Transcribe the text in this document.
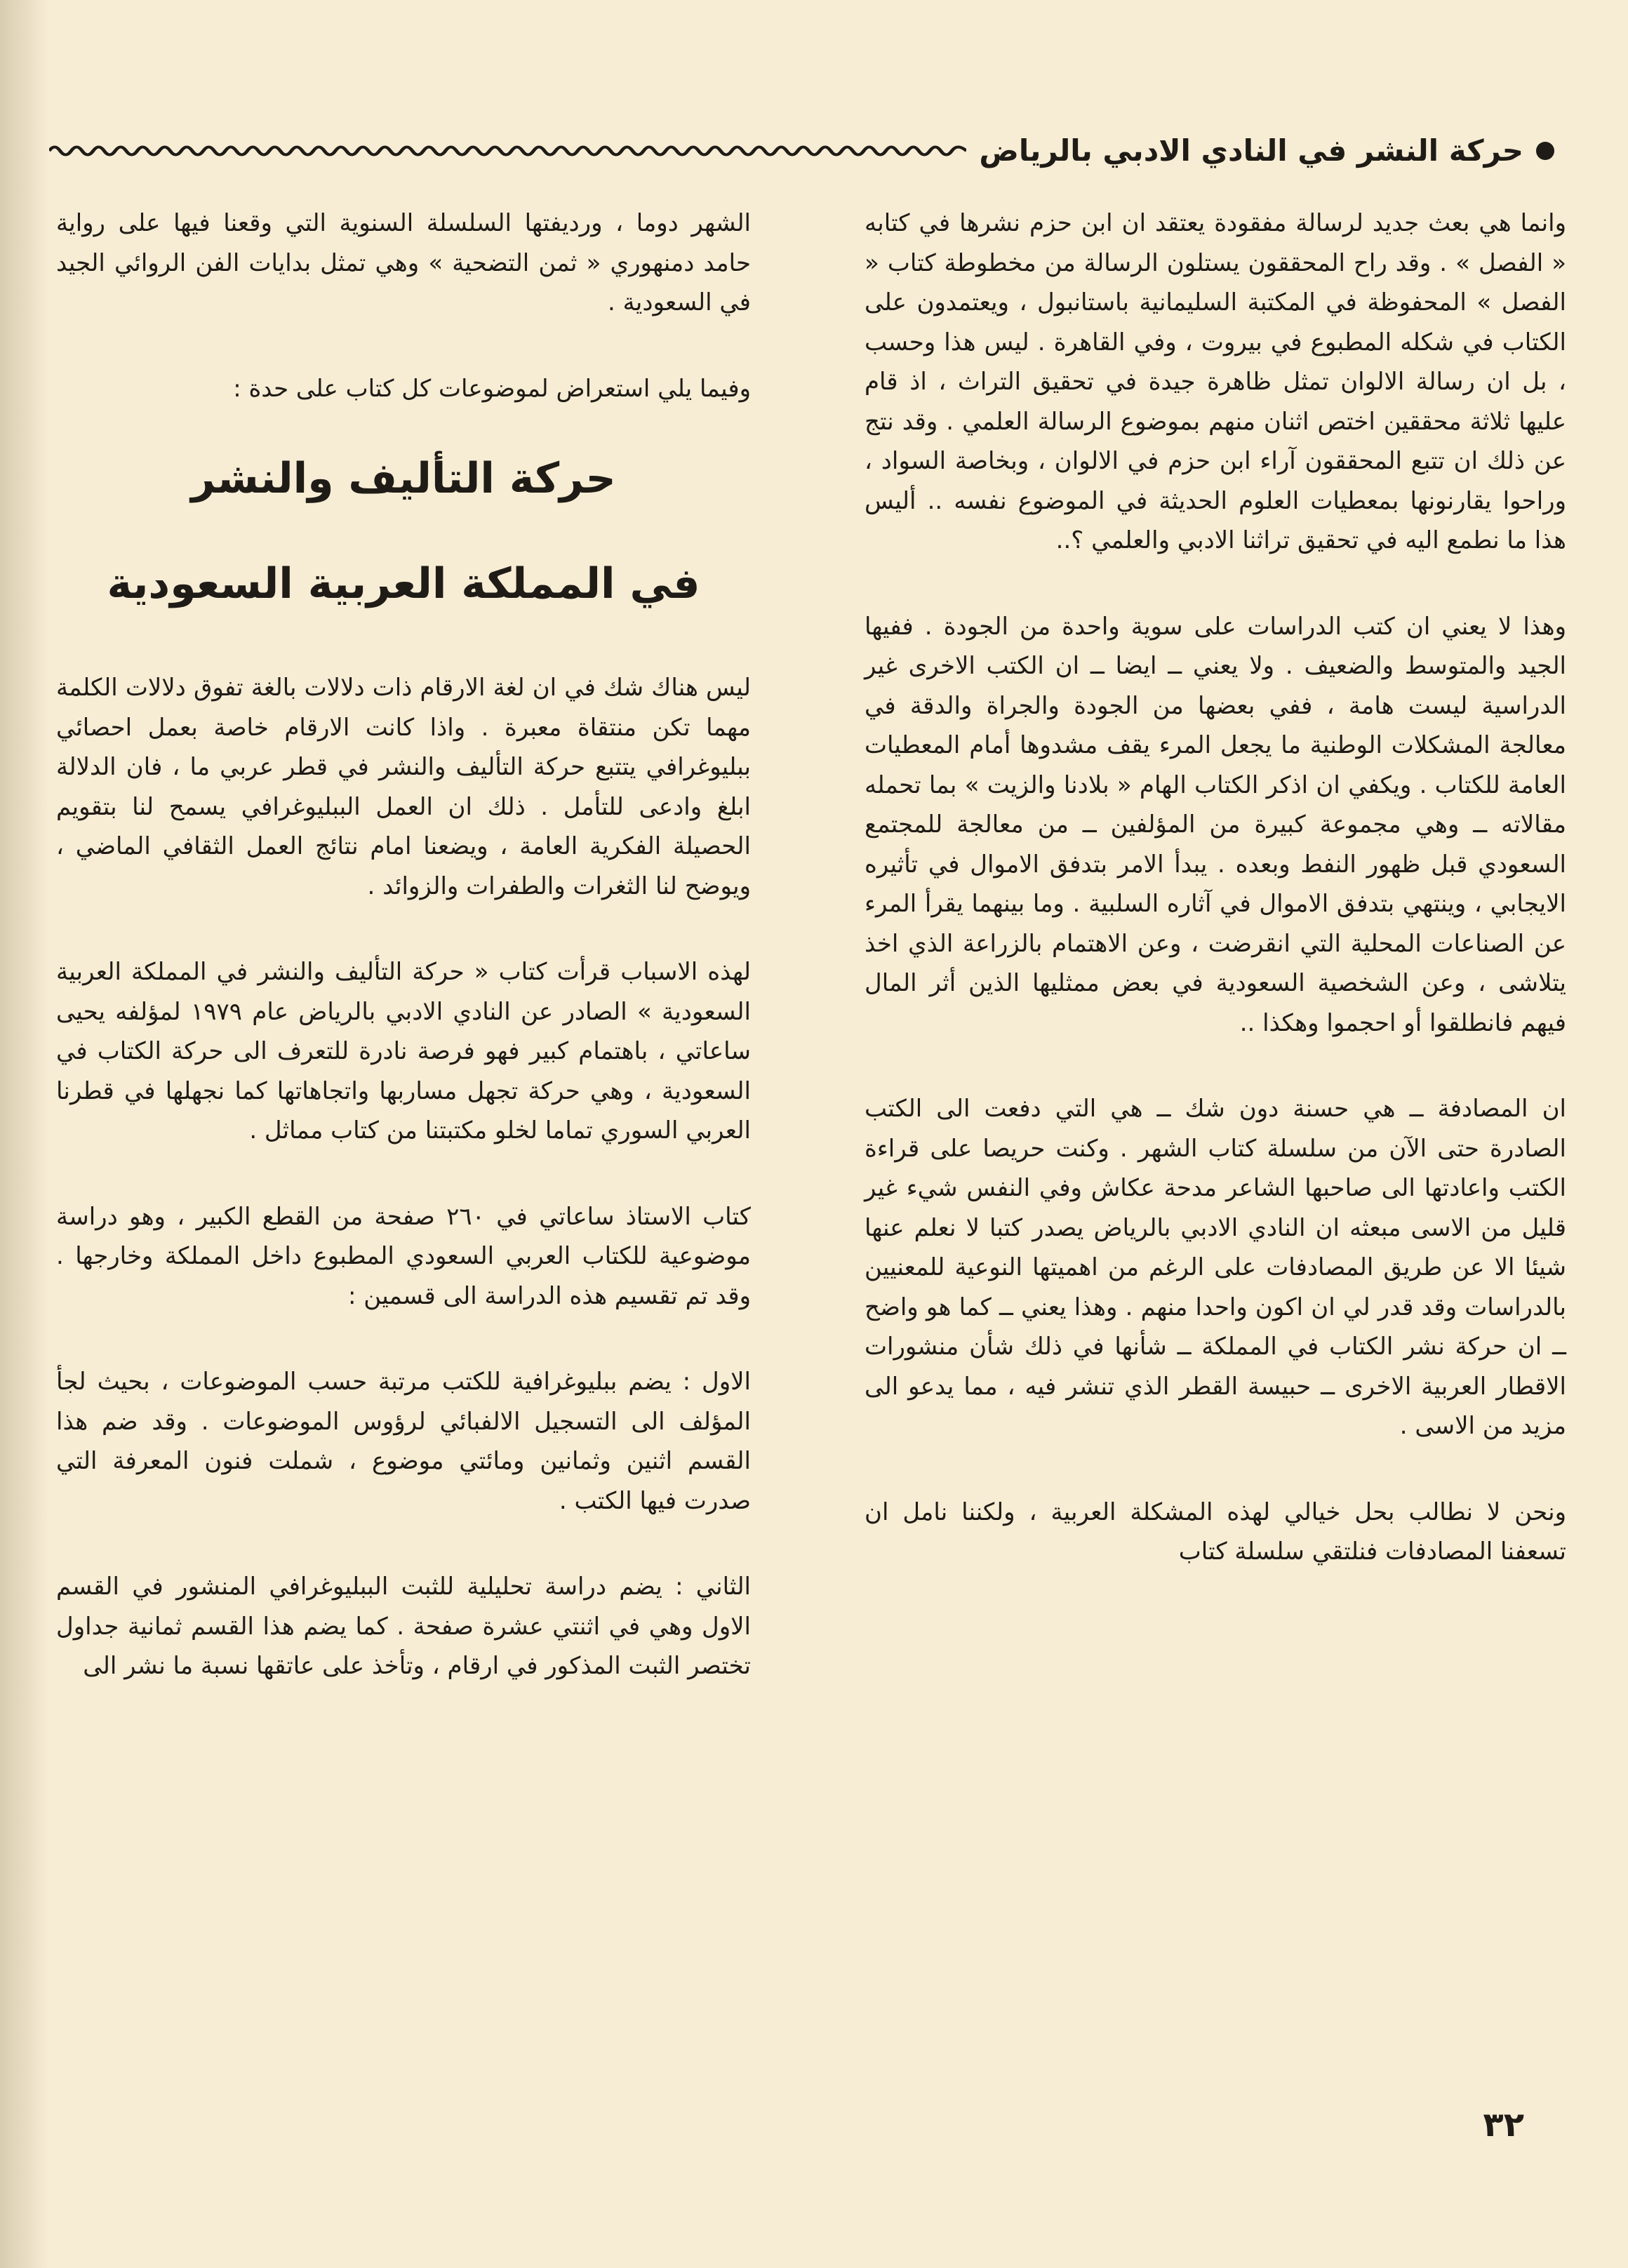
حركة النشر في النادي الادبي بالرياض

وانما هي بعث جديد لرسالة مفقودة يعتقد ان ابن حزم نشرها في كتابه « الفصل » . وقد راح المحققون يستلون الرسالة من مخطوطة كتاب « الفصل » المحفوظة في المكتبة السليمانية باستانبول ، ويعتمدون على الكتاب في شكله المطبوع في بيروت ، وفي القاهرة . ليس هذا وحسب ، بل ان رسالة الالوان تمثل ظاهرة جيدة في تحقيق التراث ، اذ قام عليها ثلاثة محققين اختص اثنان منهم بموضوع الرسالة العلمي . وقد نتج عن ذلك ان تتبع المحققون آراء ابن حزم في الالوان ، وبخاصة السواد ، وراحوا يقارنونها بمعطيات العلوم الحديثة في الموضوع نفسه .. أليس هذا ما نطمع اليه في تحقيق تراثنا الادبي والعلمي ؟..

وهذا لا يعني ان كتب الدراسات على سوية واحدة من الجودة . ففيها الجيد والمتوسط والضعيف . ولا يعني ــ ايضا ــ ان الكتب الاخرى غير الدراسية ليست هامة ، ففي بعضها من الجودة والجراة والدقة في معالجة المشكلات الوطنية ما يجعل المرء يقف مشدوها أمام المعطيات العامة للكتاب . ويكفي ان اذكر الكتاب الهام « بلادنا والزيت » بما تحمله مقالاته ــ وهي مجموعة كبيرة من المؤلفين ــ من معالجة للمجتمع السعودي قبل ظهور النفط وبعده . يبدأ الامر بتدفق الاموال في تأثيره الايجابي ، وينتهي بتدفق الاموال في آثاره السلبية . وما بينهما يقرأ المرء عن الصناعات المحلية التي انقرضت ، وعن الاهتمام بالزراعة الذي اخذ يتلاشى ، وعن الشخصية السعودية في بعض ممثليها الذين أثر المال فيهم فانطلقوا أو احجموا وهكذا ..

ان المصادفة ــ هي حسنة دون شك ــ هي التي دفعت الى الكتب الصادرة حتى الآن من سلسلة كتاب الشهر . وكنت حريصا على قراءة الكتب واعادتها الى صاحبها الشاعر مدحة عكاش وفي النفس شيء غير قليل من الاسى مبعثه ان النادي الادبي بالرياض يصدر كتبا لا نعلم عنها شيئا الا عن طريق المصادفات على الرغم من اهميتها النوعية للمعنيين بالدراسات وقد قدر لي ان اكون واحدا منهم . وهذا يعني ــ كما هو واضح ــ ان حركة نشر الكتاب في المملكة ــ شأنها في ذلك شأن منشورات الاقطار العربية الاخرى ــ حبيسة القطر الذي تنشر فيه ، مما يدعو الى مزيد من الاسى .

ونحن لا نطالب بحل خيالي لهذه المشكلة العربية ، ولكننا نامل ان تسعفنا المصادفات فنلتقي سلسلة كتاب

الشهر دوما ، ورديفتها السلسلة السنوية التي وقعنا فيها على رواية حامد دمنهوري « ثمن التضحية » وهي تمثل بدايات الفن الروائي الجيد في السعودية .

وفيما يلي استعراض لموضوعات كل كتاب على حدة :

حركة التأليف والنشر
في المملكة العربية السعودية

ليس هناك شك في ان لغة الارقام ذات دلالات بالغة تفوق دلالات الكلمة مهما تكن منتقاة معبرة . واذا كانت الارقام خاصة بعمل احصائي ببليوغرافي يتتبع حركة التأليف والنشر في قطر عربي ما ، فان الدلالة ابلغ وادعى للتأمل . ذلك ان العمل الببليوغرافي يسمح لنا بتقويم الحصيلة الفكرية العامة ، ويضعنا امام نتائج العمل الثقافي الماضي ، ويوضح لنا الثغرات والطفرات والزوائد .

لهذه الاسباب قرأت كتاب « حركة التأليف والنشر في المملكة العربية السعودية » الصادر عن النادي الادبي بالرياض عام ١٩٧٩ لمؤلفه يحيى ساعاتي ، باهتمام كبير فهو فرصة نادرة للتعرف الى حركة الكتاب في السعودية ، وهي حركة تجهل مساربها واتجاهاتها كما نجهلها في قطرنا العربي السوري تماما لخلو مكتبتنا من كتاب مماثل .

كتاب الاستاذ ساعاتي في ٢٦٠ صفحة من القطع الكبير ، وهو دراسة موضوعية للكتاب العربي السعودي المطبوع داخل المملكة وخارجها . وقد تم تقسيم هذه الدراسة الى قسمين :

الاول : يضم ببليوغرافية للكتب مرتبة حسب الموضوعات ، بحيث لجأ المؤلف الى التسجيل الالفبائي لرؤوس الموضوعات . وقد ضم هذا القسم اثنين وثمانين ومائتي موضوع ، شملت فنون المعرفة التي صدرت فيها الكتب .

الثاني : يضم دراسة تحليلية للثبت الببليوغرافي المنشور في القسم الاول وهي في اثنتي عشرة صفحة . كما يضم هذا القسم ثمانية جداول تختصر الثبت المذكور في ارقام ، وتأخذ على عاتقها نسبة ما نشر الى

٣٢
